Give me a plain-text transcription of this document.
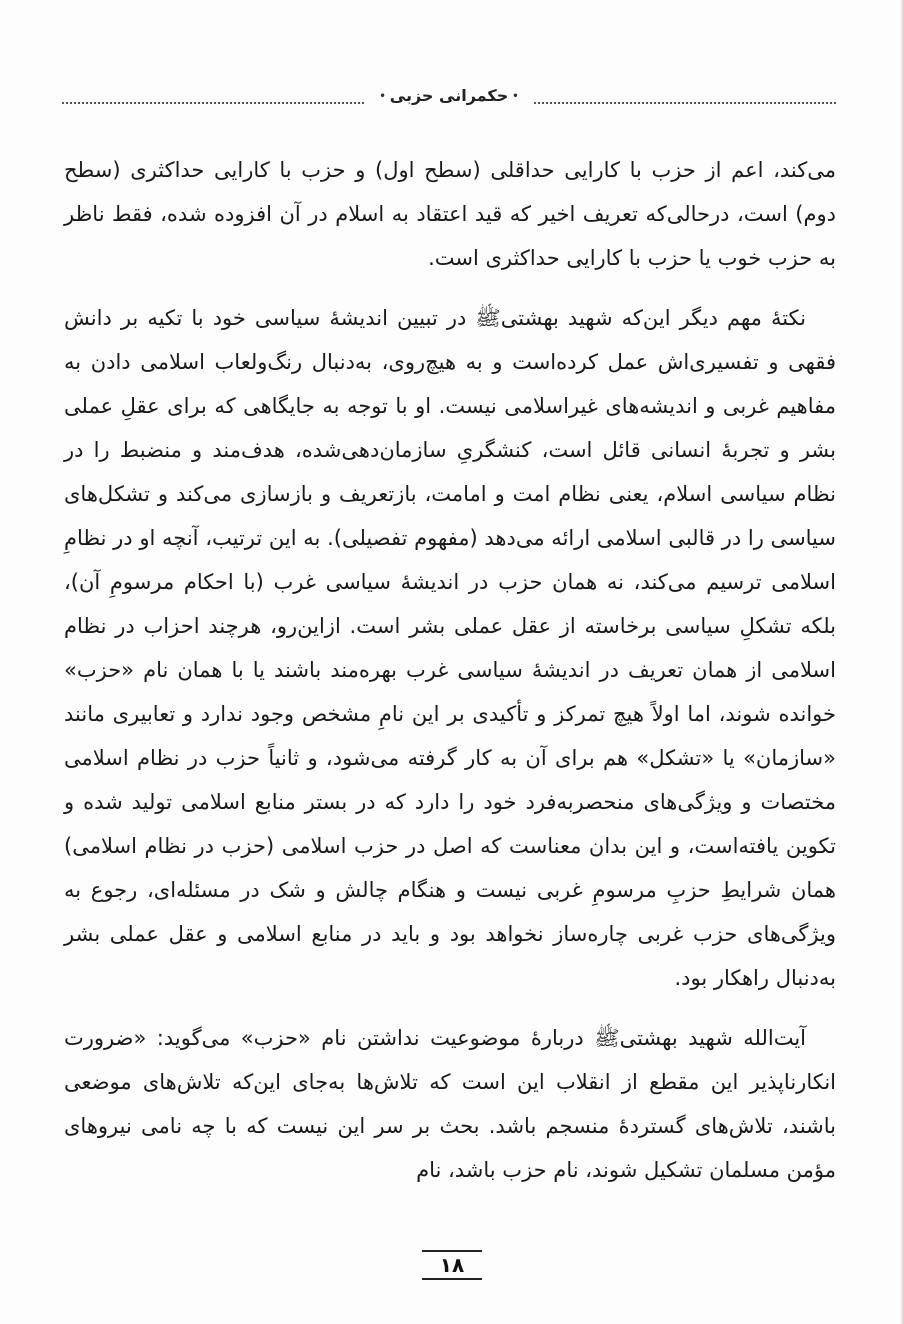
•حکمرانی حزبی•

می‌کند، اعم از حزب با کارایی حداقلی (سطح اول) و حزب با کارایی حداکثری (سطح دوم) است، درحالی‌که تعریف اخیر که قید اعتقاد به اسلام در آن افزوده شده، فقط ناظر به حزب خوب یا حزب با کارایی حداکثری است.

نکتۀ مهم دیگر این‌که شهید بهشتیﷺ در تبیین اندیشۀ سیاسی خود با تکیه بر دانش فقهی و تفسیری‌اش عمل کرده‌است و به هیچ‌روی، به‌دنبال رنگ‌ولعاب اسلامی دادن به مفاهیم غربی و اندیشه‌های غیراسلامی نیست. او با توجه به جایگاهی که برای عقلِ عملی بشر و تجربۀ انسانی قائل است، کنشگریِ سازمان‌دهی‌شده، هدف‌مند و منضبط را در نظام سیاسی اسلام، یعنی نظام امت و امامت، بازتعریف و بازسازی می‌کند و تشکل‌های سیاسی را در قالبی اسلامی ارائه می‌دهد (مفهوم تفصیلی). به این ترتیب، آنچه او در نظامِ اسلامی ترسیم می‌کند، نه همان حزب در اندیشۀ سیاسی غرب (با احکام مرسومِ آن)، بلکه تشکلِ سیاسی برخاسته از عقل عملی بشر است. ازاین‌رو، هرچند احزاب در نظام اسلامی از همان تعریف در اندیشۀ سیاسی غرب بهره‌مند باشند یا با همان نام «حزب» خوانده شوند، اما اولاً هیچ تمرکز و تأکیدی بر این نامِ مشخص وجود ندارد و تعابیری مانند «سازمان» یا «تشکل» هم برای آن به کار گرفته می‌شود، و ثانیاً حزب در نظام اسلامی مختصات و ویژگی‌های منحصربه‌فرد خود را دارد که در بستر منابع اسلامی تولید شده و تکوین یافته‌است، و این بدان معناست که اصل در حزب اسلامی (حزب در نظام اسلامی) همان شرایطِ حزبِ مرسومِ غربی نیست و هنگام چالش و شک در مسئله‌ای، رجوع به ویژگی‌های حزب غربی چاره‌ساز نخواهد بود و باید در منابع اسلامی و عقل عملی بشر به‌دنبال راهکار بود.

آیت‌الله شهید بهشتیﷺ دربارۀ موضوعیت نداشتن نام «حزب» می‌گوید: «ضرورت انکارناپذیر این مقطع از انقلاب این است که تلاش‌ها به‌جای این‌که تلاش‌های موضعی باشند، تلاش‌های گستردۀ منسجم باشد. بحث بر سر این نیست که با چه نامی نیروهای مؤمن مسلمان تشکیل شوند، نام حزب باشد، نام

۱۸
